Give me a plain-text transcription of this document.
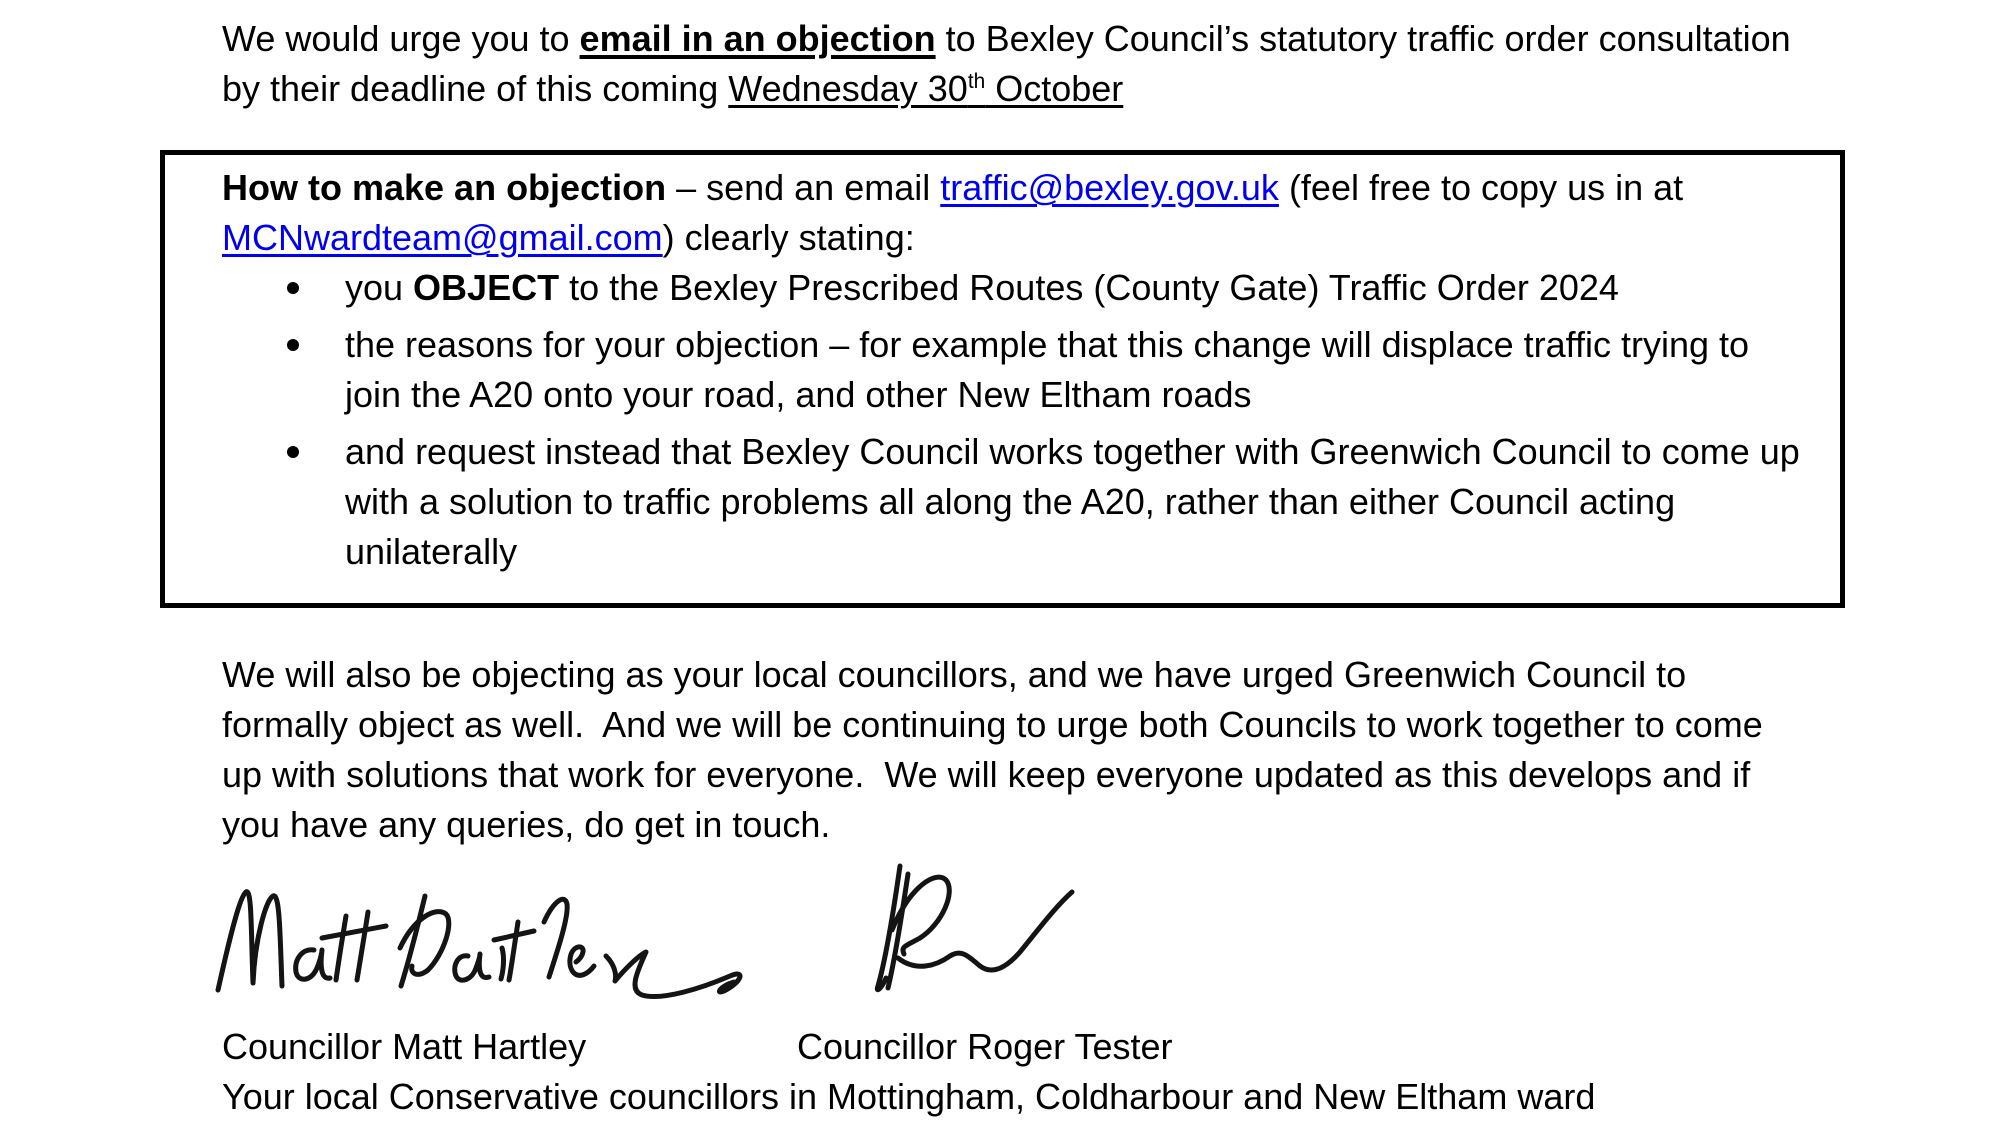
We would urge you to email in an objection to Bexley Council’s statutory traffic order consultation by their deadline of this coming Wednesday 30th October

How to make an objection – send an email traffic@bexley.gov.uk (feel free to copy us in at MCNwardteam@gmail.com) clearly stating:

you OBJECT to the Bexley Prescribed Routes (County Gate) Traffic Order 2024
the reasons for your objection – for example that this change will displace traffic trying to join the A20 onto your road, and other New Eltham roads
and request instead that Bexley Council works together with Greenwich Council to come up with a solution to traffic problems all along the A20, rather than either Council acting unilaterally

We will also be objecting as your local councillors, and we have urged Greenwich Council to formally object as well.  And we will be continuing to urge both Councils to work together to come up with solutions that work for everyone.  We will keep everyone updated as this develops and if you have any queries, do get in touch.

Councillor Matt Hartley	Councillor Roger Tester
Your local Conservative councillors in Mottingham, Coldharbour and New Eltham ward
